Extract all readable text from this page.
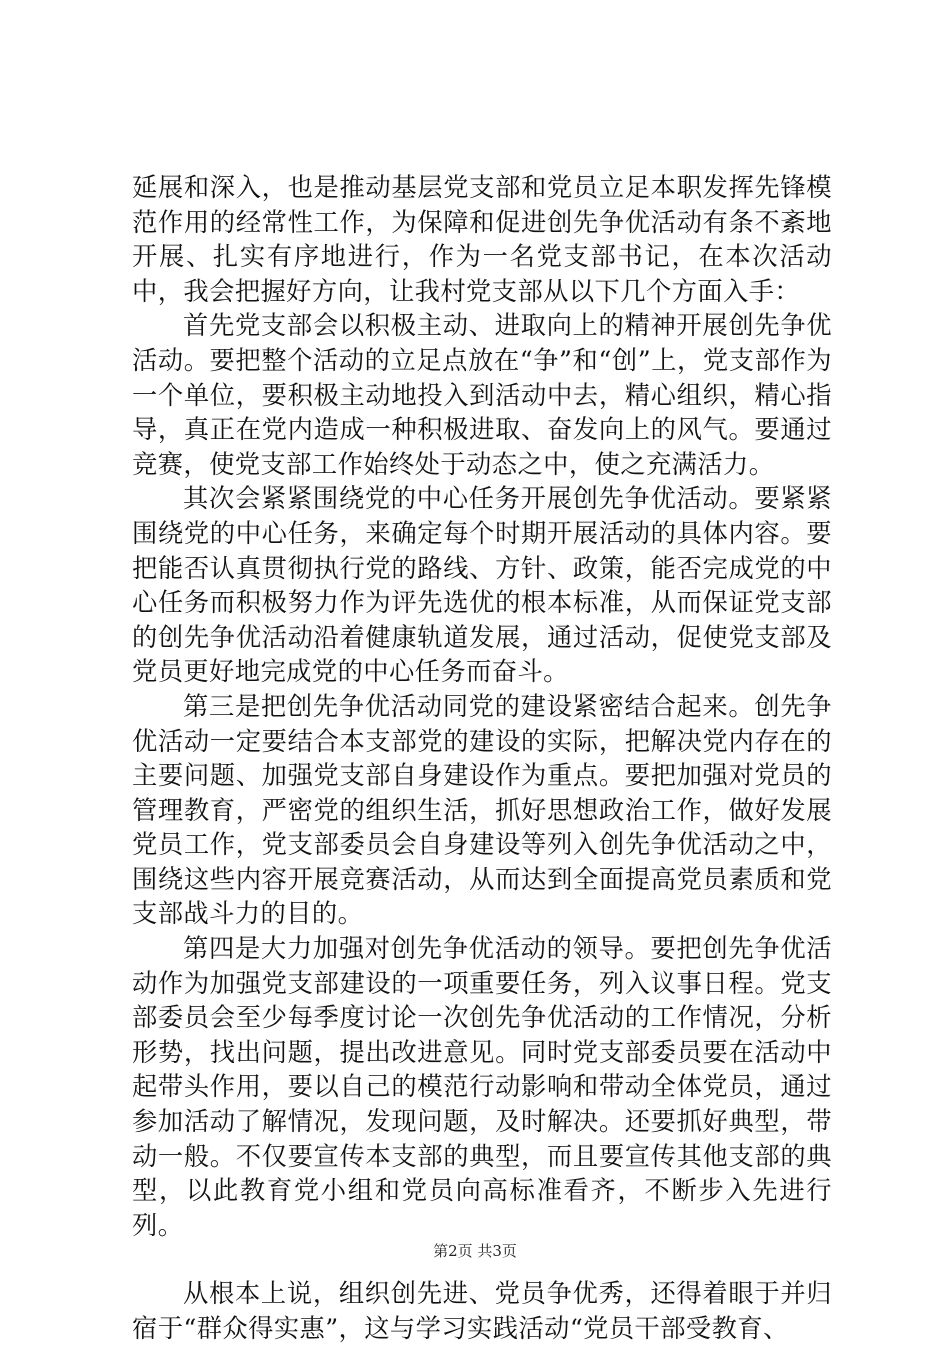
延展和深入，也是推动基层党支部和党员立足本职发挥先锋模范作用的经常性工作，为保障和促进创先争优活动有条不紊地开展、扎实有序地进行，作为一名党支部书记，在本次活动中，我会把握好方向，让我村党支部从以下几个方面入手：

首先党支部会以积极主动、进取向上的精神开展创先争优活动。要把整个活动的立足点放在“争”和“创”上，党支部作为一个单位，要积极主动地投入到活动中去，精心组织，精心指导，真正在党内造成一种积极进取、奋发向上的风气。要通过竞赛，使党支部工作始终处于动态之中，使之充满活力。

其次会紧紧围绕党的中心任务开展创先争优活动。要紧紧围绕党的中心任务，来确定每个时期开展活动的具体内容。要把能否认真贯彻执行党的路线、方针、政策，能否完成党的中心任务而积极努力作为评先选优的根本标准，从而保证党支部的创先争优活动沿着健康轨道发展，通过活动，促使党支部及党员更好地完成党的中心任务而奋斗。

第三是把创先争优活动同党的建设紧密结合起来。创先争优活动一定要结合本支部党的建设的实际，把解决党内存在的主要问题、加强党支部自身建设作为重点。要把加强对党员的管理教育，严密党的组织生活，抓好思想政治工作，做好发展党员工作，党支部委员会自身建设等列入创先争优活动之中，围绕这些内容开展竞赛活动，从而达到全面提高党员素质和党支部战斗力的目的。

第四是大力加强对创先争优活动的领导。要把创先争优活动作为加强党支部建设的一项重要任务，列入议事日程。党支部委员会至少每季度讨论一次创先争优活动的工作情况，分析形势，找出问题，提出改进意见。同时党支部委员要在活动中起带头作用，要以自己的模范行动影响和带动全体党员，通过参加活动了解情况，发现问题，及时解决。还要抓好典型，带动一般。不仅要宣传本支部的典型，而且要宣传其他支部的典型，以此教育党小组和党员向高标准看齐，不断步入先进行列。

从根本上说，组织创先进、党员争优秀，还得着眼于并归宿于“群众得实惠”，这与学习实践活动“党员干部受教育、

第2页 共3页
